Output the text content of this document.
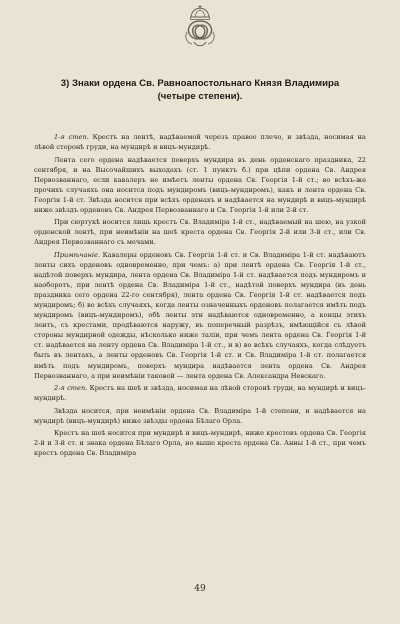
3) Знаки ордена Св. Равноапостольнаго Князя Владимира
(четыре степени).

1-я степ. Крестъ на лентѣ, надѣваемой черезъ правое плечо, и звѣзда, носимая на лѣвой сторонѣ груди, на мундирѣ и вицъ-мундирѣ.

Лента сего ордена надѣвается поверхъ мундира въ день орденскаго праздника, 22 сентября, и на Высочайшихъ выходахъ (ст. 1 пунктъ б.) при цѣпи ордена Св. Андрея Первозваннаго, если кавалеръ не имѣетъ ленты ордена Св. Георгія 1-й ст.; во всѣхъ-же прочихъ случаяхъ она носится подъ мундиромъ (вицъ-мундиромъ), какъ и лента ордена Св. Георгія 1-й ст. Звѣзда носится при всѣхъ орденахъ и надѣвается на мундирѣ и вицъ-мундирѣ ниже звѣздъ орденовъ Св. Андрея Первозваннаго и Св. Георгія 1-й или 2-й ст.

При сюртукѣ носится лишь крестъ Св. Владиміра 1-й ст., надѣваемый на шею, на узкой орденской лентѣ, при неимѣніи на шеѣ креста ордена Св. Георгія 2-й или 3-й ст., или Св. Андрея Первозваннаго съ мечами.

Примѣчаніе. Кавалеры орденовъ Св. Георгія 1-й ст. и Св. Владиміра 1-й ст. надѣваютъ ленты сихъ орденовъ одновременно, при чемъ: а) при лентѣ ордена Св. Георгія 1-й ст., надѣтой поверхъ мундира, лента ордена Св. Владиміра 1-й ст. надѣвается подъ мундиромъ и наоборотъ, при лентѣ ордена Св. Владиміра 1-й ст., надѣтой поверхъ мундира (въ день праздника сего ордена 22-го сентября), лента ордена Св. Георгія 1-й ст. надѣвается подъ мундиромъ; б) во всѣхъ случаяхъ, когда ленты означенныхъ орденовъ полагается имѣть подъ мундиромъ (вицъ-мундиромъ), обѣ ленты эти надѣваются одновременно, а концы этихъ лентъ, съ крестами, продѣваются наружу, въ поперечный разрѣзъ, имѣющійся съ лѣвой стороны мундирной одежды, нѣсколько ниже таліи, при чемъ лента ордена Св. Георгія 1-й ст. надѣвается на ленту ордена Св. Владиміра 1-й ст., и в) во всѣхъ случаяхъ, когда слѣдуетъ быть въ лентахъ, а ленты орденовъ Св. Георгія 1-й ст. и Св. Владиміра 1-й ст. полагается имѣть подъ мундиромъ, поверхъ мундира надѣвается лента ордена Св. Андрея Первозваннаго, а при неимѣніи таковой — лента ордена Св. Александра Невскаго.

2-я степ. Крестъ на шеѣ и звѣзда, носимая на лѣвой сторонѣ груди, на мундирѣ и вицъ-мундирѣ.

Звѣзда носится, при неимѣніи ордена Св. Владиміра 1-й степени, и надѣвается на мундирѣ (вицъ-мундирѣ) ниже звѣзды ордена Бѣлаго Орла.

Крестъ на шеѣ носится при мундирѣ и вицъ-мундирѣ, ниже крестовъ ордена Св. Георгія 2-й и 3-й ст. и знака ордена Бѣлаго Орла, но выше креста ордена Св. Анны 1-й ст., при чемъ крестъ ордена Св. Владиміра

49
